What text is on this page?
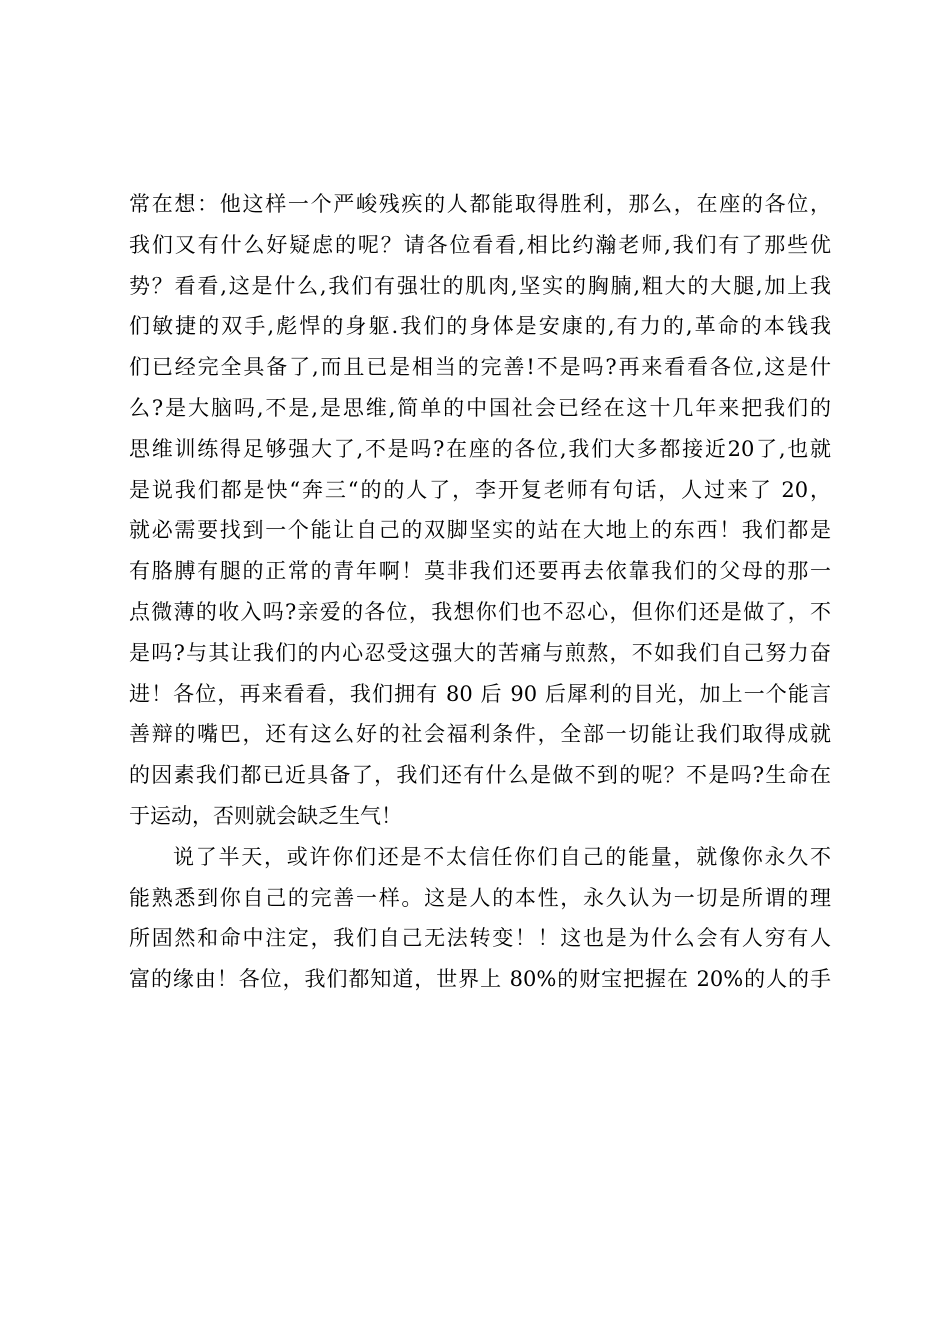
常在想：他这样一个严峻残疾的人都能取得胜利，那么，在座的各位，
我们又有什么好疑虑的呢？请各位看看,相比约瀚老师,我们有了那些优
势？看看,这是什么,我们有强壮的肌肉,坚实的胸腩,粗大的大腿,加上我
们敏捷的双手,彪悍的身躯.我们的身体是安康的,有力的,革命的本钱我
们已经完全具备了,而且已是相当的完善!不是吗?再来看看各位,这是什
么?是大脑吗,不是,是思维,简单的中国社会已经在这十几年来把我们的
思维训练得足够强大了,不是吗?在座的各位,我们大多都接近20了,也就
是说我们都是快“奔三“的的人了，李开复老师有句话，人过来了 20，
就必需要找到一个能让自己的双脚坚实的站在大地上的东西！我们都是
有胳膊有腿的正常的青年啊！莫非我们还要再去依靠我们的父母的那一
点微薄的收入吗?亲爱的各位，我想你们也不忍心，但你们还是做了，不
是吗?与其让我们的内心忍受这强大的苦痛与煎熬，不如我们自己努力奋
进！各位，再来看看，我们拥有 80 后 90 后犀利的目光，加上一个能言
善辩的嘴巴，还有这么好的社会福利条件，全部一切能让我们取得成就
的因素我们都已近具备了，我们还有什么是做不到的呢？不是吗?生命在
于运动，否则就会缺乏生气！
说了半天，或许你们还是不太信任你们自己的能量，就像你永久不
能熟悉到你自己的完善一样。这是人的本性，永久认为一切是所谓的理
所固然和命中注定，我们自己无法转变！！这也是为什么会有人穷有人
富的缘由！各位，我们都知道，世界上 80%的财宝把握在 20%的人的手
